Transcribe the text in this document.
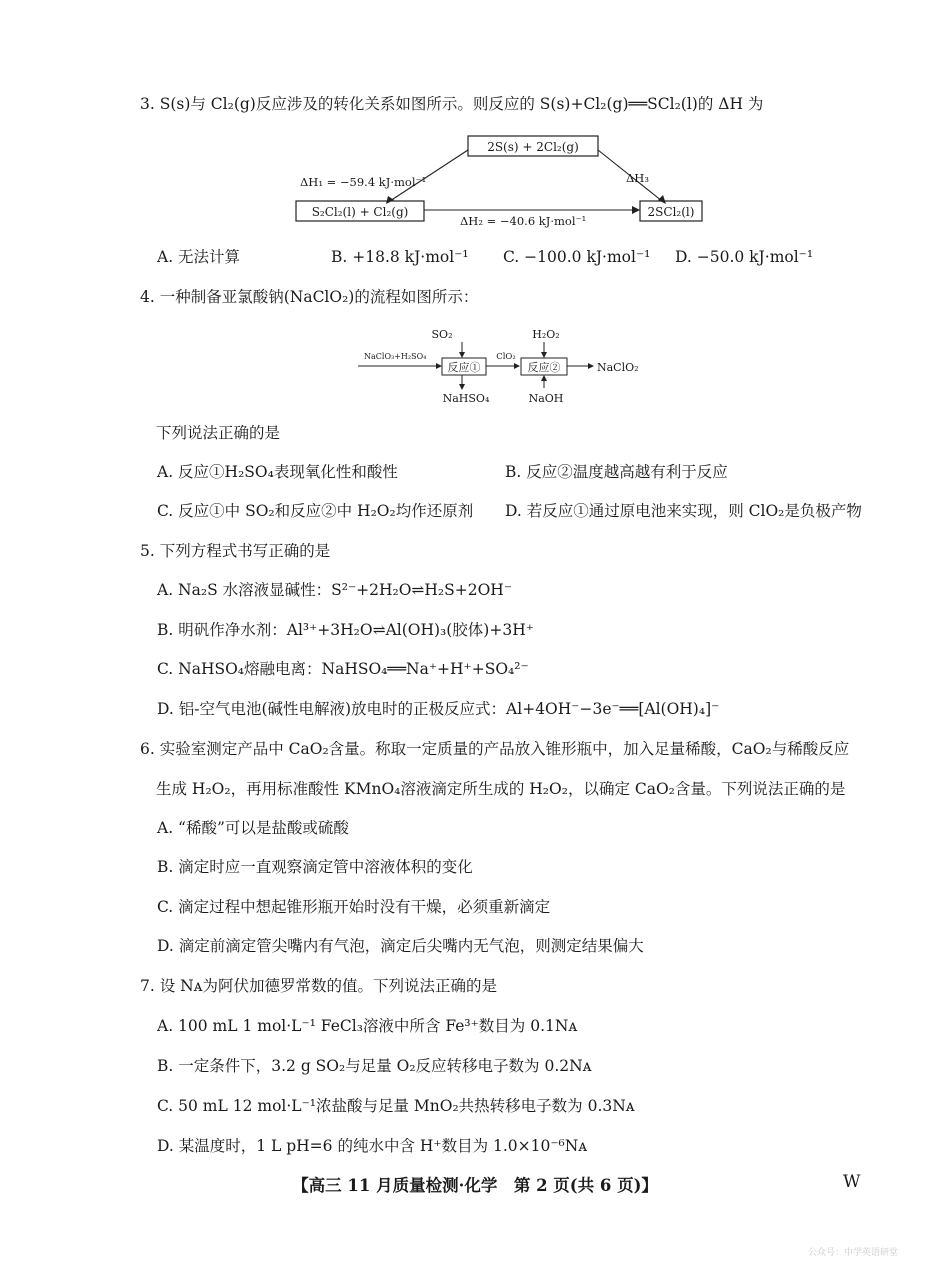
3. S(s)与 Cl₂(g)反应涉及的转化关系如图所示。则反应的 S(s)+Cl₂(g)══SCl₂(l)的 ΔH 为
2S(s) + 2Cl₂(g)
S₂Cl₂(l) + Cl₂(g)	2SCl₂(l)
ΔH₁ = −59.4 kJ·mol⁻¹
ΔH₂ = −40.6 kJ·mol⁻¹
ΔH₃
A. 无法计算	B. +18.8 kJ·mol⁻¹ C. −100.0 kJ·mol⁻¹ D. −50.0 kJ·mol⁻¹
4. 一种制备亚氯酸钠(NaClO₂)的流程如图所示：
SO₂
NaClO₃+H₂SO₄
反应①
NaHSO₄
ClO₂
H₂O₂
反应②
NaOH
NaClO₂
下列说法正确的是
A. 反应①H₂SO₄表现氧化性和酸性	B. 反应②温度越高越有利于反应
C. 反应①中 SO₂和反应②中 H₂O₂均作还原剂 D. 若反应①通过原电池来实现，则 ClO₂是负极产物
5. 下列方程式书写正确的是
A. Na₂S 水溶液显碱性：S²⁻+2H₂O⇌H₂S+2OH⁻
B. 明矾作净水剂：Al³⁺+3H₂O⇌Al(OH)₃(胶体)+3H⁺
C. NaHSO₄熔融电离：NaHSO₄══Na⁺+H⁺+SO₄²⁻
D. 铝-空气电池(碱性电解液)放电时的正极反应式：Al+4OH⁻−3e⁻══[Al(OH)₄]⁻
6. 实验室测定产品中 CaO₂含量。称取一定质量的产品放入锥形瓶中，加入足量稀酸，CaO₂与稀酸反应
生成 H₂O₂，再用标准酸性 KMnO₄溶液滴定所生成的 H₂O₂，以确定 CaO₂含量。下列说法正确的是
A. “稀酸”可以是盐酸或硫酸
B. 滴定时应一直观察滴定管中溶液体积的变化
C. 滴定过程中想起锥形瓶开始时没有干燥，必须重新滴定
D. 滴定前滴定管尖嘴内有气泡，滴定后尖嘴内无气泡，则测定结果偏大
7. 设 Nᴀ为阿伏加德罗常数的值。下列说法正确的是
A. 100 mL 1 mol·L⁻¹ FeCl₃溶液中所含 Fe³⁺数目为 0.1Nᴀ
B. 一定条件下，3.2 g SO₂与足量 O₂反应转移电子数为 0.2Nᴀ
C. 50 mL 12 mol·L⁻¹浓盐酸与足量 MnO₂共热转移电子数为 0.3Nᴀ
D. 某温度时，1 L pH=6 的纯水中含 H⁺数目为 1.0×10⁻⁶Nᴀ
【高三 11 月质量检测·化学　第 2 页(共 6 页)】	W
公众号：中学英语研堂
